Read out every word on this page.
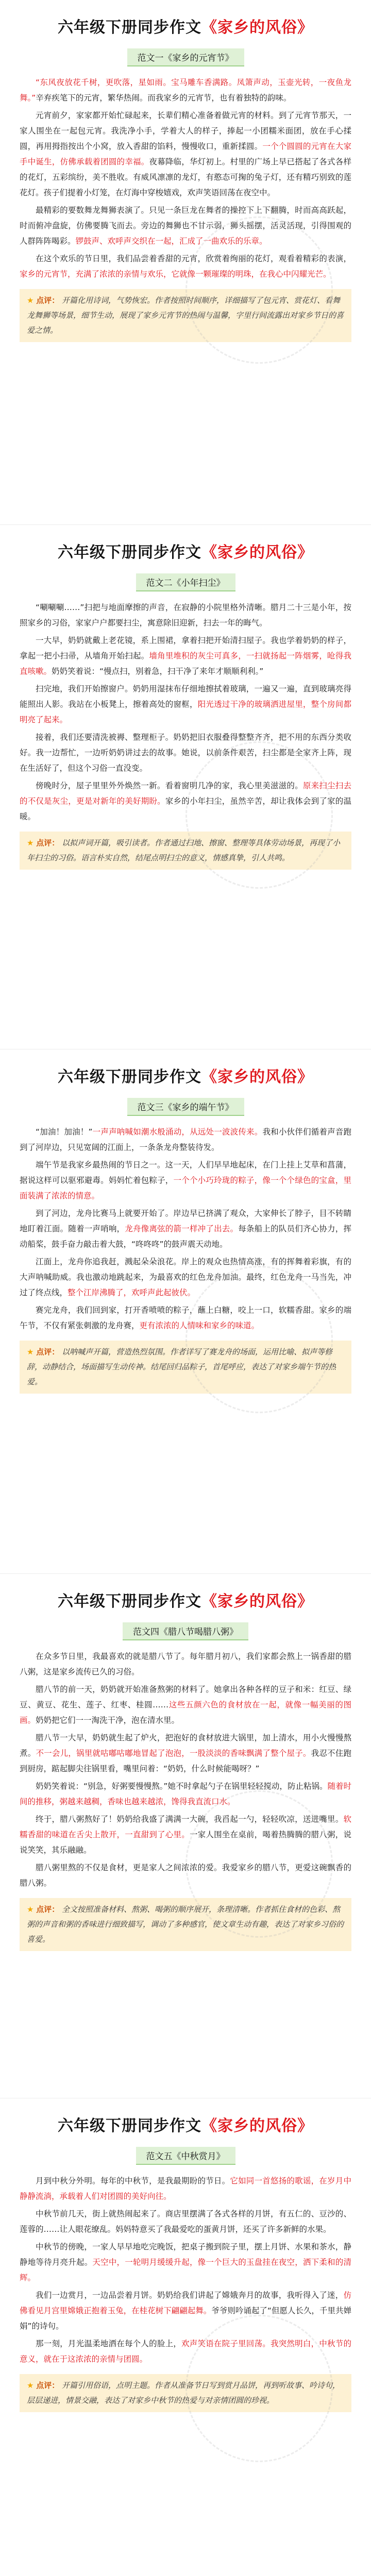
六年级下册同步作文《家乡的风俗》
范文一《家乡的元宵节》

“东风夜放花千树，更吹落，星如雨。宝马雕车香满路。凤箫声动，玉壶光转，一夜鱼龙舞。”辛弃疾笔下的元宵，繁华热闹。而我家乡的元宵节，也有着独特的韵味。

元宵前夕，家家都开始忙碌起来，长辈们精心准备着做元宵的材料。到了元宵节那天，一家人围坐在一起包元宵。我洗净小手，学着大人的样子，捧起一小团糯米面团，放在手心揉圆，再用拇指按出个小窝，放入香甜的馅料，慢慢收口，重新揉圆。一个个圆圆的元宵在大家手中诞生，仿佛承载着团圆的幸福。夜幕降临，华灯初上。村里的广场上早已搭起了各式各样的花灯，五彩缤纷，美不胜收。有威风凛凛的龙灯，有憨态可掬的兔子灯，还有精巧别致的莲花灯。孩子们提着小灯笼，在灯海中穿梭嬉戏，欢声笑语回荡在夜空中。

最精彩的要数舞龙舞狮表演了。只见一条巨龙在舞者的操控下上下翻腾，时而高高跃起，时而俯冲盘旋，仿佛要腾飞而去。旁边的舞狮也不甘示弱，狮头摇摆，活灵活现，引得围观的人群阵阵喝彩。锣鼓声、欢呼声交织在一起，汇成了一曲欢乐的乐章。

在这个欢乐的节日里，我们品尝着香甜的元宵，欣赏着绚丽的花灯，观看着精彩的表演，家乡的元宵节，充满了浓浓的亲情与欢乐，它就像一颗璀璨的明珠，在我心中闪耀光芒。

★ 点评： 开篇化用诗词，气势恢宏。作者按照时间顺序，详细描写了包元宵、赏花灯、看舞龙舞狮等场景，细节生动，展现了家乡元宵节的热闹与温馨，字里行间流露出对家乡节日的喜爱之情。
六年级下册同步作文《家乡的风俗》
范文二《小年扫尘》

“唰唰唰……”扫把与地面摩擦的声音，在寂静的小院里格外清晰。腊月二十三是小年，按照家乡的习俗，家家户户都要扫尘，寓意除旧迎新，扫去一年的晦气。

一大早，奶奶就戴上老花镜，系上围裙，拿着扫把开始清扫屋子。我也学着奶奶的样子，拿起一把小扫帚，从墙角开始扫起。墙角里堆积的灰尘可真多，一扫就扬起一阵烟雾，呛得我直咳嗽。奶奶笑着说：“慢点扫，别着急，扫干净了来年才顺顺利利。”

扫完地，我们开始擦窗户。奶奶用湿抹布仔细地擦拭着玻璃，一遍又一遍，直到玻璃亮得能照出人影。我站在小板凳上，擦着高处的窗框，阳光透过干净的玻璃洒进屋里，整个房间都明亮了起来。

接着，我们还要清洗被褥、整理柜子。奶奶把旧衣服叠得整整齐齐，把不用的东西分类收好。我一边帮忙，一边听奶奶讲过去的故事。她说，以前条件艰苦，扫尘都是全家齐上阵，现在生活好了，但这个习俗一直没变。

傍晚时分，屋子里里外外焕然一新。看着窗明几净的家，我心里美滋滋的。原来扫尘扫去的不仅是灰尘，更是对新年的美好期盼。家乡的小年扫尘，虽然辛苦，却让我体会到了家的温暖。

★ 点评： 以拟声词开篇，吸引读者。作者通过扫地、擦窗、整理等具体劳动场景，再现了小年扫尘的习俗。语言朴实自然，结尾点明扫尘的意义，情感真挚，引人共鸣。
六年级下册同步作文《家乡的风俗》
范文三《家乡的端午节》

“加油！加油！”一声声呐喊如潮水般涌动，从远处一波波传来。我和小伙伴们循着声音跑到了河岸边，只见宽阔的江面上，一条条龙舟整装待发。

端午节是我家乡最热闹的节日之一。这一天，人们早早地起床，在门上挂上艾草和菖蒲，据说这样可以驱邪避毒。妈妈忙着包粽子，一个个小巧玲珑的粽子，像一个个绿色的宝盒，里面装满了浓浓的情意。

到了河边，龙舟比赛马上就要开始了。岸边早已挤满了观众，大家伸长了脖子，目不转睛地盯着江面。随着一声哨响，龙舟像离弦的箭一样冲了出去。每条船上的队员们齐心协力，挥动船桨，鼓手奋力敲击着大鼓，“咚咚咚”的鼓声震天动地。

江面上，龙舟你追我赶，溅起朵朵浪花。岸上的观众也热情高涨，有的挥舞着彩旗，有的大声呐喊助威。我也激动地跳起来，为最喜欢的红色龙舟加油。最终，红色龙舟一马当先，冲过了终点线，整个江岸沸腾了，欢呼声此起彼伏。

赛完龙舟，我们回到家，打开香喷喷的粽子，蘸上白糖，咬上一口，软糯香甜。家乡的端午节，不仅有紧张刺激的龙舟赛，更有浓浓的人情味和家乡的味道。

★ 点评： 以呐喊声开篇，营造热烈氛围。作者详写了赛龙舟的场面，运用比喻、拟声等修辞，动静结合，场面描写生动传神。结尾回归品粽子，首尾呼应，表达了对家乡端午节的热爱。
六年级下册同步作文《家乡的风俗》
范文四《腊八节喝腊八粥》

在众多节日里，我最喜欢的就是腊八节了。每年腊月初八，我们家都会熬上一锅香甜的腊八粥，这是家乡流传已久的习俗。

腊八节的前一天，奶奶就开始准备熬粥的材料了。她拿出各种各样的豆子和米：红豆、绿豆、黄豆、花生、莲子、红枣、桂圆……这些五颜六色的食材放在一起，就像一幅美丽的图画。奶奶把它们一一淘洗干净，泡在清水里。

腊八节一大早，奶奶就生起了炉火，把泡好的食材放进大锅里，加上清水，用小火慢慢熬煮。不一会儿，锅里就咕嘟咕嘟地冒起了泡泡，一股淡淡的香味飘满了整个屋子。我忍不住跑到厨房，踮起脚尖往锅里看，嘴里问着：“奶奶，什么时候能喝呀？”

奶奶笑着说：“别急，好粥要慢慢熬。”她不时拿起勺子在锅里轻轻搅动，防止粘锅。随着时间的推移，粥越来越稠，香味也越来越浓，馋得我直流口水。

终于，腊八粥熬好了！奶奶给我盛了满满一大碗，我舀起一勺，轻轻吹凉，送进嘴里。软糯香甜的味道在舌尖上散开，一直甜到了心里。一家人围坐在桌前，喝着热腾腾的腊八粥，说说笑笑，其乐融融。

腊八粥里熬的不仅是食材，更是家人之间浓浓的爱。我爱家乡的腊八节，更爱这碗飘香的腊八粥。

★ 点评： 全文按照准备材料、熬粥、喝粥的顺序展开，条理清晰。作者抓住食材的色彩、熬粥的声音和粥的香味进行细致描写，调动了多种感官，使文章生动有趣，表达了对家乡习俗的喜爱。
六年级下册同步作文《家乡的风俗》
范文五《中秋赏月》

月到中秋分外明。每年的中秋节，是我最期盼的节日。它如同一首悠扬的歌谣，在岁月中静静流淌，承载着人们对团圆的美好向往。

中秋节前几天，街上就热闹起来了。商店里摆满了各式各样的月饼，有五仁的、豆沙的、莲蓉的……让人眼花缭乱。妈妈特意买了我最爱吃的蛋黄月饼，还买了许多新鲜的水果。

中秋节的傍晚，一家人早早地吃完晚饭，把桌子搬到院子里，摆上月饼、水果和茶水，静静地等待月亮升起。天空中，一轮明月缓缓升起，像一个巨大的玉盘挂在夜空，洒下柔和的清辉。

我们一边赏月，一边品尝着月饼。奶奶给我们讲起了嫦娥奔月的故事，我听得入了迷，仿佛看见月宫里嫦娥正抱着玉兔，在桂花树下翩翩起舞。爷爷则吟诵起了“但愿人长久，千里共婵娟”的诗句。

那一刻，月光温柔地洒在每个人的脸上，欢声笑语在院子里回荡。我突然明白，中秋节的意义，就在于这浓浓的亲情与团圆。

★ 点评： 开篇引用俗语，点明主题。作者从准备节日写到赏月品饼，再到听故事、吟诗句，层层递进，情景交融，表达了对家乡中秋节的热爱与对亲情团圆的珍视。
